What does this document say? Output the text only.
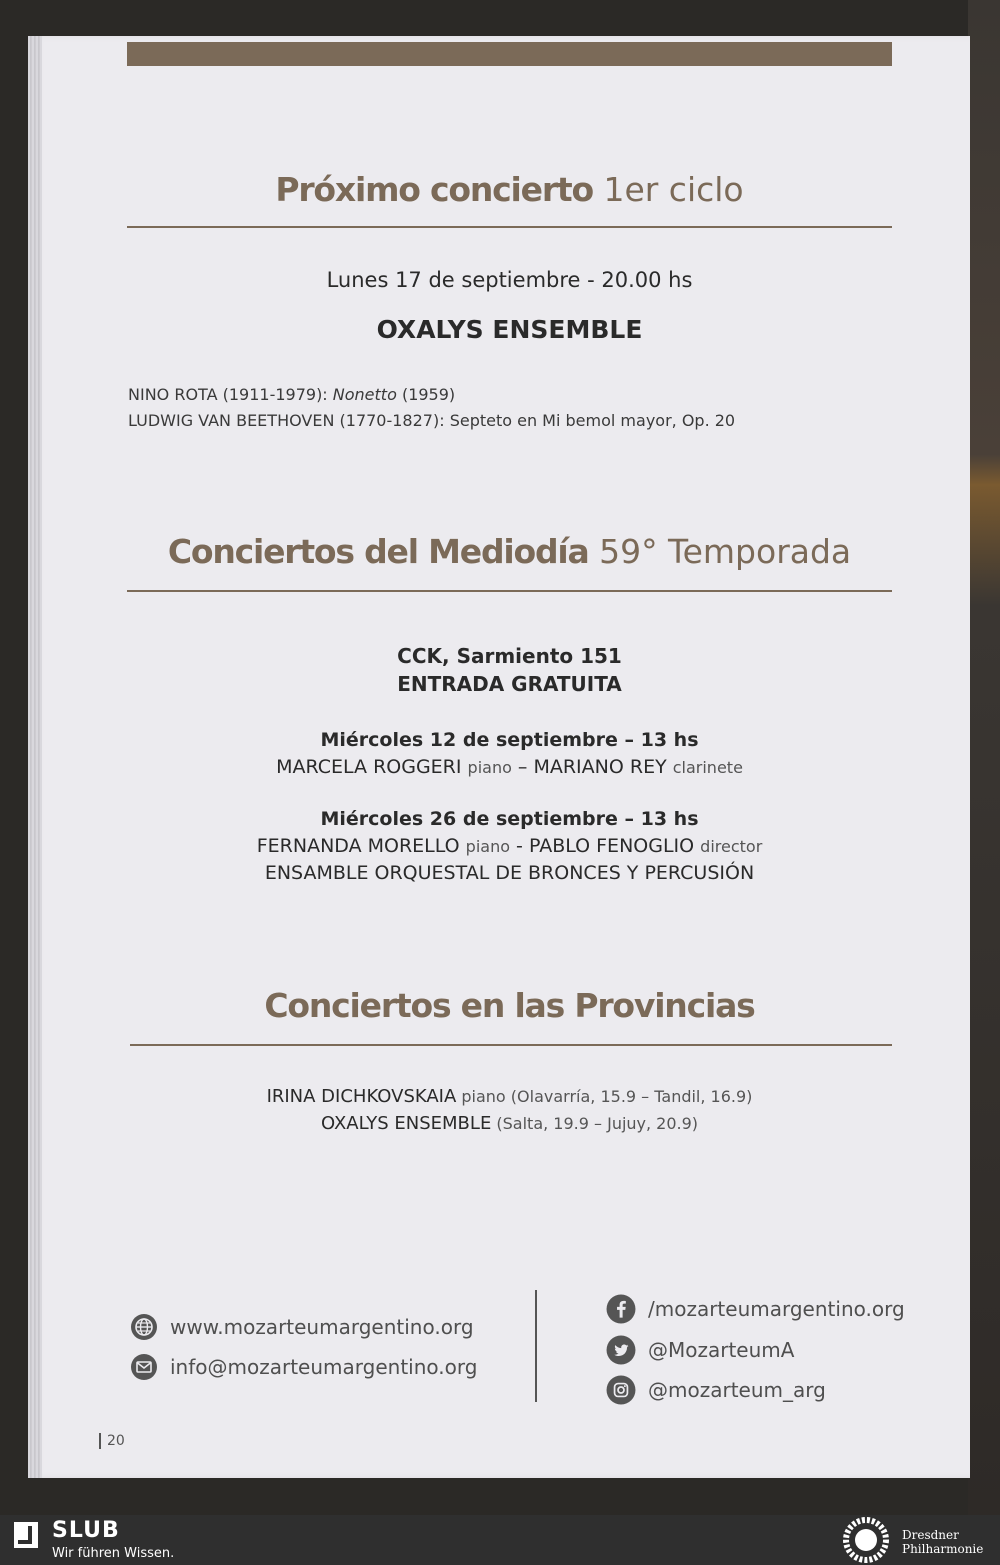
Próximo concierto 1er ciclo
Lunes 17 de septiembre - 20.00 hs
OXALYS ENSEMBLE
NINO ROTA (1911-1979): Nonetto (1959)
LUDWIG VAN BEETHOVEN (1770-1827): Septeto en Mi bemol mayor, Op. 20
Conciertos del Mediodía 59° Temporada
CCK, Sarmiento 151
ENTRADA GRATUITA
Miércoles 12 de septiembre – 13 hs
MARCELA ROGGERI piano – MARIANO REY clarinete
Miércoles 26 de septiembre – 13 hs
FERNANDA MORELLO piano - PABLO FENOGLIO director
ENSAMBLE ORQUESTAL DE BRONCES Y PERCUSIÓN
Conciertos en las Provincias
IRINA DICHKOVSKAIA piano (Olavarría, 15.9 – Tandil, 16.9)
OXALYS ENSEMBLE (Salta, 19.9 – Jujuy, 20.9)
www.mozarteumargentino.org
info@mozarteumargentino.org
/mozarteumargentino.org
@MozarteumA
@mozarteum_arg
20
SLUB
Wir führen Wissen.
Dresdner
Philharmonie
